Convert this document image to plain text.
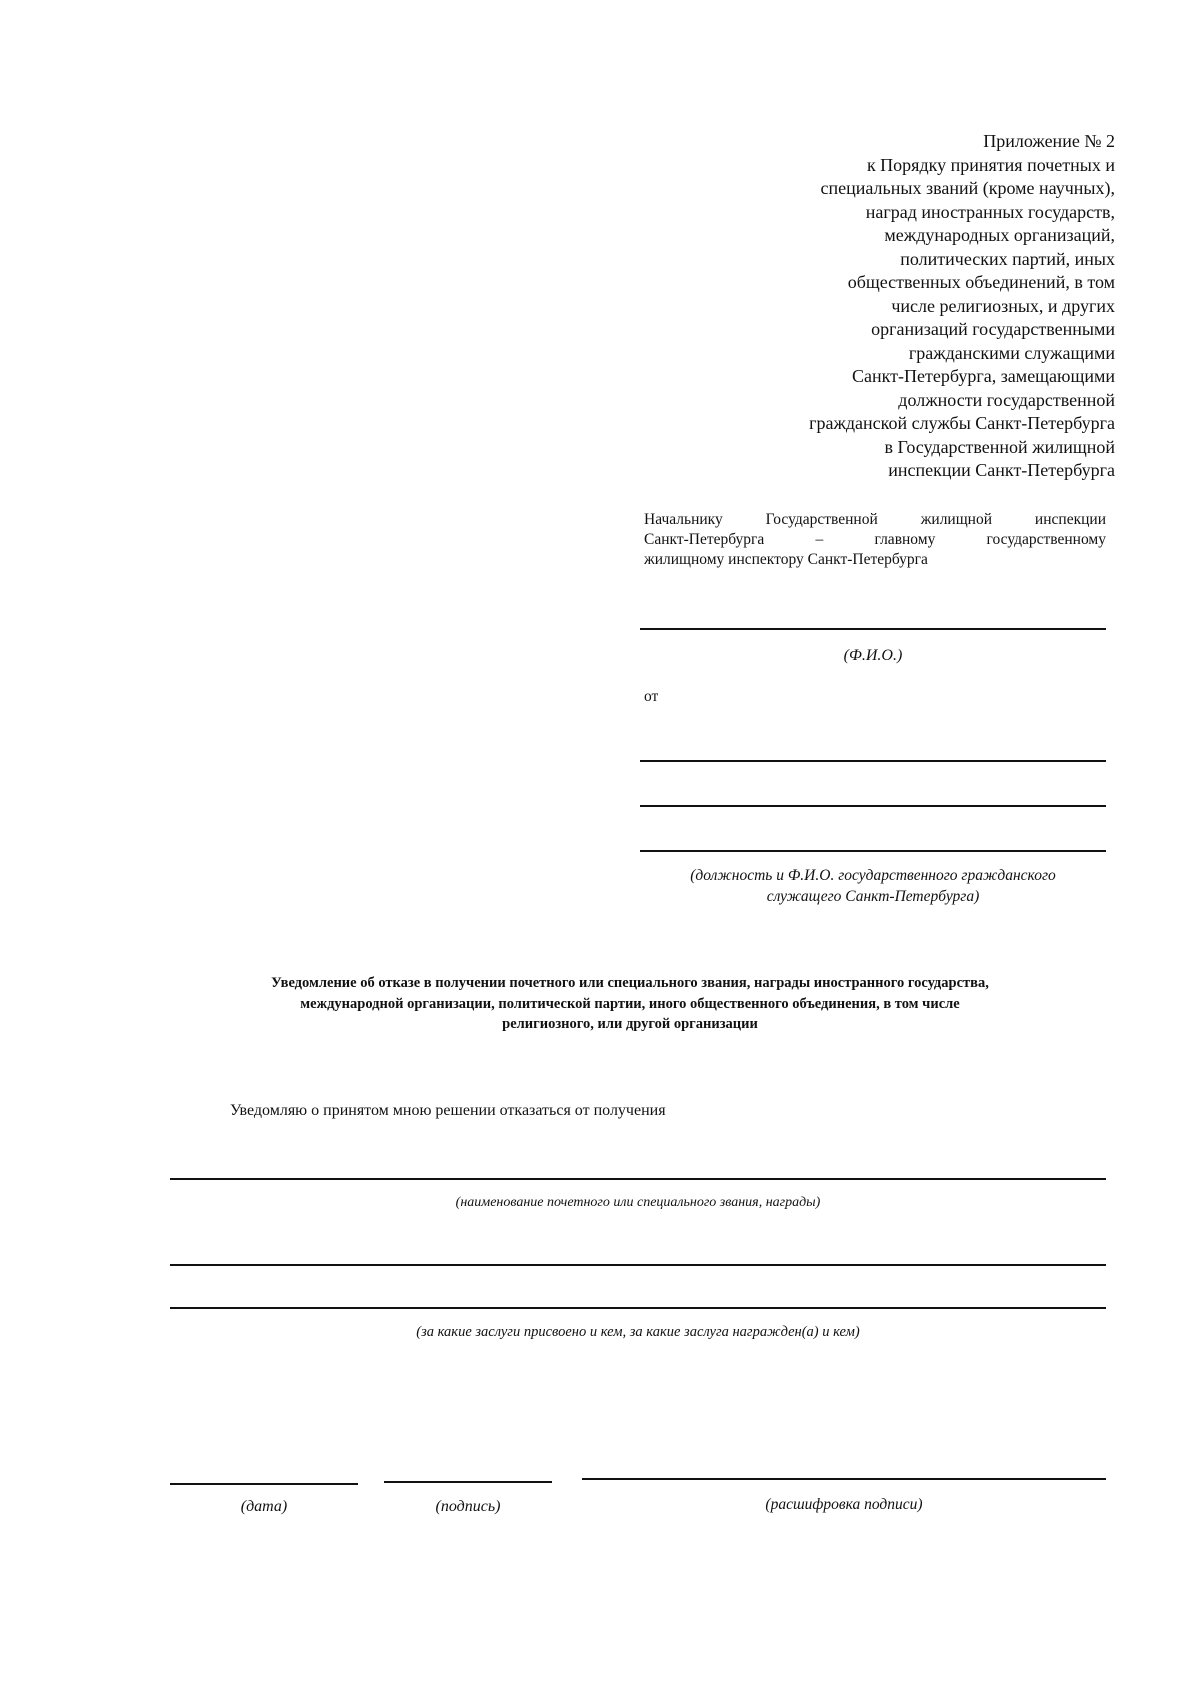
Приложение № 2
к Порядку принятия почетных и
специальных званий (кроме научных),
наград иностранных государств,
международных организаций,
политических партий, иных
общественных объединений, в том
числе религиозных, и других
организаций государственными
гражданскими служащими
Санкт-Петербурга, замещающими
должности государственной
гражданской службы Санкт-Петербурга
в Государственной жилищной
инспекции Санкт-Петербурга
Начальнику Государственной жилищной инспекции
Санкт-Петербурга – главному государственному
жилищному инспектору Санкт-Петербурга
(Ф.И.О.)
от
(должность и Ф.И.О. государственного гражданского
служащего Санкт-Петербурга)
Уведомление об отказе в получении почетного или специального звания, награды иностранного государства,
международной организации, политической партии, иного общественного объединения, в том числе
религиозного, или другой организации
Уведомляю о принятом мною решении отказаться от получения
(наименование почетного или специального звания, награды)
(за какие заслуги присвоено и кем, за какие заслуга награжден(а) и кем)
(дата)	(подпись)	(расшифровка подписи)
